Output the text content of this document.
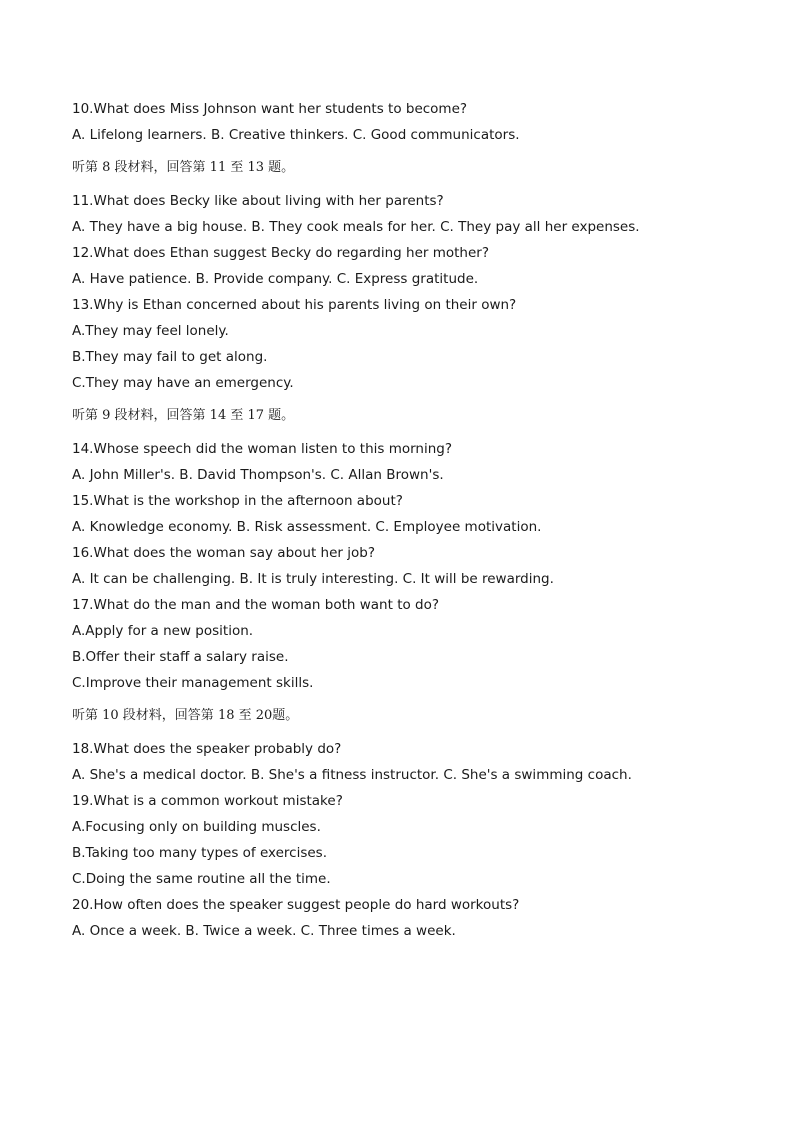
10.What does Miss Johnson want her students to become?
A. Lifelong learners. B. Creative thinkers. C. Good communicators.
听第 8 段材料，回答第 11 至 13 题。
11.What does Becky like about living with her parents?
A. They have a big house. B. They cook meals for her. C. They pay all her expenses.
12.What does Ethan suggest Becky do regarding her mother?
A. Have patience. B. Provide company. C. Express gratitude.
13.Why is Ethan concerned about his parents living on their own?
A.They may feel lonely.
B.They may fail to get along.
C.They may have an emergency.
听第 9 段材料，回答第 14 至 17 题。
14.Whose speech did the woman listen to this morning?
A. John Miller's. B. David Thompson's. C. Allan Brown's.
15.What is the workshop in the afternoon about?
A. Knowledge economy. B. Risk assessment. C. Employee motivation.
16.What does the woman say about her job?
A. It can be challenging. B. It is truly interesting. C. It will be rewarding.
17.What do the man and the woman both want to do?
A.Apply for a new position.
B.Offer their staff a salary raise.
C.Improve their management skills.
听第 10 段材料，回答第 18 至 20题。
18.What does the speaker probably do?
A. She's a medical doctor. B. She's a fitness instructor. C. She's a swimming coach.
19.What is a common workout mistake?
A.Focusing only on building muscles.
B.Taking too many types of exercises.
C.Doing the same routine all the time.
20.How often does the speaker suggest people do hard workouts?
A. Once a week. B. Twice a week. C. Three times a week.
